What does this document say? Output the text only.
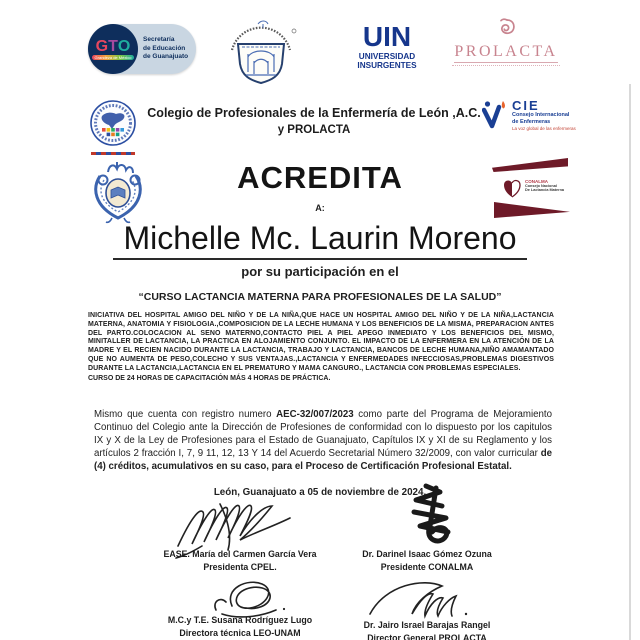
G T O
Grandeza de México
Secretaría
de Educación
de Guanajuato
UIN
UNIVERSIDAD
INSURGENTES
PROLACTA
Colegio de Profesionales de la Enfermería de León ,A.C.
y PROLACTA
CIE
Consejo Internacional
de Enfermeras
La voz global de las enfermeras
ACREDITA
A:
CONALMA
Consejo Nacional
De Lactancia Materna
Michelle Mc. Laurin Moreno
por su participación en el
“CURSO LACTANCIA MATERNA PARA PROFESIONALES DE LA SALUD”

INICIATIVA DEL HOSPITAL AMIGO DEL NIÑO Y DE LA NIÑA,QUE HACE UN HOSPITAL AMIGO DEL NIÑO Y DE LA NIÑA,LACTANCIA MATERNA, ANATOMIA Y FISIOLOGIA.,COMPOSICION DE LA LECHE HUMANA Y LOS BENEFICIOS DE LA MISMA, PREPARACION ANTES DEL PARTO.COLOCACION AL SENO MATERNO,CONTACTO PIEL A PIEL APEGO INMEDIATO Y LOS BENEFICIOS DEL MISMO, MINITALLER DE LACTANCIA, LA PRACTICA EN ALOJAMIENTO CONJUNTO. EL IMPACTO DE LA ENFERMERA EN LA ATENCIÓN DE LA MADRE Y EL RECIEN NACIDO DURANTE LA LACTANCIA, TRABAJO Y LACTANCIA, BANCOS DE LECHE HUMANA,NIÑO AMAMANTADO QUE NO AUMENTA DE PESO,COLECHO Y SUS VENTAJAS.,LACTANCIA Y ENFERMEDADES INFECCIOSAS,PROBLEMAS DIGESTIVOS DURANTE LA LACTANCIA,LACTANCIA EN EL PREMATURO Y MAMA CANGURO., LACTANCIA CON PROBLEMAS ESPECIALES.

CURSO DE 24 HORAS DE CAPACITACIÓN MÁS 4 HORAS DE PRÁCTICA.

Mismo que cuenta con registro numero AEC-32/007/2023 como parte del Programa de Mejoramiento Continuo del Colegio ante la Dirección de Profesiones de conformidad con lo dispuesto por los capitulos IX y X de la Ley de Profesiones para el Estado de Guanajuato, Capítulos IX y XI de su Reglamento y los artículos 2 fracción I, 7, 9 11, 12, 13 Y 14 del Acuerdo Secretarial Número 32/2009, con valor curricular de (4) créditos, acumulativos en su caso, para el Proceso de Certificación Profesional Estatal.

León, Guanajuato a 05 de noviembre de 2024.
EASE. María del Carmen García Vera
Presidenta CPEL.
Dr. Darinel Isaac Gómez Ozuna
Presidente CONALMA
M.C.y T.E. Susana Rodríguez Lugo
Directora técnica LEO-UNAM
Dr. Jairo Israel Barajas Rangel
Director General PROLACTA
